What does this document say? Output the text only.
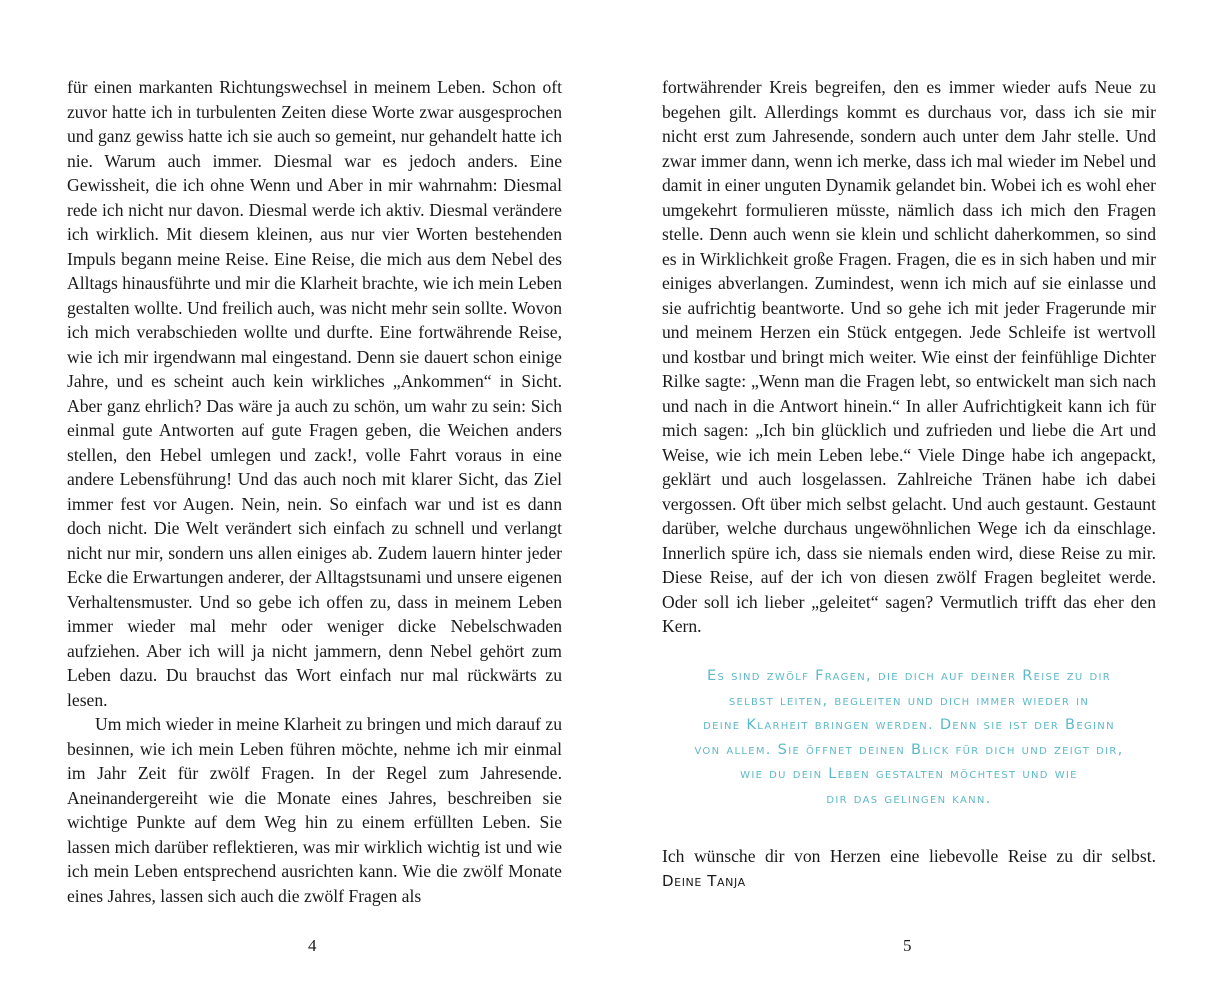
für einen markanten Richtungswechsel in meinem Leben. Schon oft zuvor hatte ich in turbulenten Zeiten diese Worte zwar ausgesprochen und ganz gewiss hatte ich sie auch so gemeint, nur gehandelt hatte ich nie. Warum auch immer. Diesmal war es jedoch anders. Eine Gewissheit, die ich ohne Wenn und Aber in mir wahrnahm: Diesmal rede ich nicht nur davon. Diesmal werde ich aktiv. Diesmal verändere ich wirklich. Mit diesem kleinen, aus nur vier Worten bestehenden Impuls begann meine Reise. Eine Reise, die mich aus dem Nebel des Alltags hinausführte und mir die Klarheit brachte, wie ich mein Leben gestalten wollte. Und freilich auch, was nicht mehr sein sollte. Wovon ich mich verabschieden wollte und durfte. Eine fortwährende Reise, wie ich mir irgendwann mal eingestand. Denn sie dauert schon einige Jahre, und es scheint auch kein wirkliches „Ankommen“ in Sicht. Aber ganz ehrlich? Das wäre ja auch zu schön, um wahr zu sein: Sich einmal gute Antworten auf gute Fragen geben, die Weichen anders stellen, den Hebel umlegen und zack!, volle Fahrt voraus in eine andere Lebensführung! Und das auch noch mit klarer Sicht, das Ziel immer fest vor Augen. Nein, nein. So einfach war und ist es dann doch nicht. Die Welt verändert sich einfach zu schnell und verlangt nicht nur mir, sondern uns allen einiges ab. Zudem lauern hinter jeder Ecke die Erwartungen anderer, der Alltagstsunami und unsere eigenen Verhaltensmuster. Und so gebe ich offen zu, dass in meinem Leben immer wieder mal mehr oder weniger dicke Nebelschwaden aufziehen. Aber ich will ja nicht jammern, denn Nebel gehört zum Leben dazu. Du brauchst das Wort einfach nur mal rückwärts zu lesen.

Um mich wieder in meine Klarheit zu bringen und mich darauf zu besinnen, wie ich mein Leben führen möchte, nehme ich mir einmal im Jahr Zeit für zwölf Fragen. In der Regel zum Jahresende. Aneinandergereiht wie die Monate eines Jahres, beschreiben sie wichtige Punkte auf dem Weg hin zu einem erfüllten Leben. Sie lassen mich darüber reflektieren, was mir wirklich wichtig ist und wie ich mein Leben entsprechend ausrichten kann. Wie die zwölf Monate eines Jahres, lassen sich auch die zwölf Fragen als

4

fortwährender Kreis begreifen, den es immer wieder aufs Neue zu begehen gilt. Allerdings kommt es durchaus vor, dass ich sie mir nicht erst zum Jahresende, sondern auch unter dem Jahr stelle. Und zwar immer dann, wenn ich merke, dass ich mal wieder im Nebel und damit in einer unguten Dynamik gelandet bin. Wobei ich es wohl eher umgekehrt formulieren müsste, nämlich dass ich mich den Fragen stelle. Denn auch wenn sie klein und schlicht daherkommen, so sind es in Wirklichkeit große Fragen. Fragen, die es in sich haben und mir einiges abverlangen. Zumindest, wenn ich mich auf sie einlasse und sie aufrichtig beantworte. Und so gehe ich mit jeder Fragerunde mir und meinem Herzen ein Stück entgegen. Jede Schleife ist wertvoll und kostbar und bringt mich weiter. Wie einst der feinfühlige Dichter Rilke sagte: „Wenn man die Fragen lebt, so entwickelt man sich nach und nach in die Antwort hinein.“ In aller Aufrichtigkeit kann ich für mich sagen: „Ich bin glücklich und zufrieden und liebe die Art und Weise, wie ich mein Leben lebe.“ Viele Dinge habe ich angepackt, geklärt und auch losgelassen. Zahlreiche Tränen habe ich dabei vergossen. Oft über mich selbst gelacht. Und auch gestaunt. Gestaunt darüber, welche durchaus ungewöhnlichen Wege ich da einschlage. Innerlich spüre ich, dass sie niemals enden wird, diese Reise zu mir. Diese Reise, auf der ich von diesen zwölf Fragen begleitet werde. Oder soll ich lieber „geleitet“ sagen? Vermutlich trifft das eher den Kern.

Es sind zwölf Fragen, die dich auf deiner Reise zu dir
selbst leiten, begleiten und dich immer wieder in
deine Klarheit bringen werden. Denn sie ist der Beginn
von allem. Sie öffnet deinen Blick für dich und zeigt dir,
wie du dein Leben gestalten möchtest und wie
dir das gelingen kann.
Ich wünsche dir von Herzen eine liebevolle Reise zu dir selbst.
Deine Tanja
5
